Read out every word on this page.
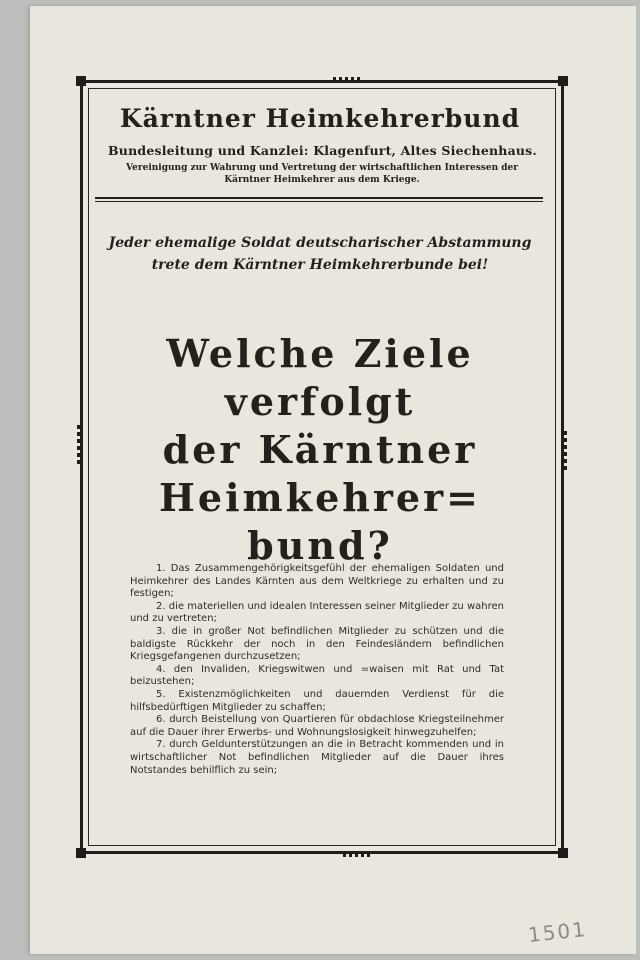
Kärntner Heimkehrerbund
Bundesleitung und Kanzlei: Klagenfurt, Altes Siechenhaus.
Vereinigung zur Wahrung und Vertretung der wirtschaftlichen Interessen der
Kärntner Heimkehrer aus dem Kriege.
Jeder ehemalige Soldat deutscharischer Abstammung
trete dem Kärntner Heimkehrerbunde bei!
Welche Ziele verfolgt
der Kärntner
Heimkehrer=
bund?

1. Das Zusammengehörigkeitsgefühl der ehemaligen Soldaten und Heimkehrer des Landes Kärnten aus dem Weltkriege zu erhalten und zu festigen;

2. die materiellen und idealen Interessen seiner Mitglieder zu wahren und zu vertreten;

3. die in großer Not befindlichen Mitglieder zu schützen und die baldigste Rückkehr der noch in den Feindesländern befindlichen Kriegsgefangenen durchzusetzen;

4. den Invaliden, Kriegswitwen und =waisen mit Rat und Tat beizustehen;

5. Existenzmöglichkeiten und dauernden Verdienst für die hilfsbedürftigen Mitglieder zu schaffen;

6. durch Beistellung von Quartieren für obdachlose Kriegsteilnehmer auf die Dauer ihrer Erwerbs- und Wohnungslosigkeit hinwegzuhelfen;

7. durch Geldunterstützungen an die in Betracht kommenden und in wirtschaftlicher Not befindlichen Mitglieder auf die Dauer ihres Notstandes behilflich zu sein;

1501
